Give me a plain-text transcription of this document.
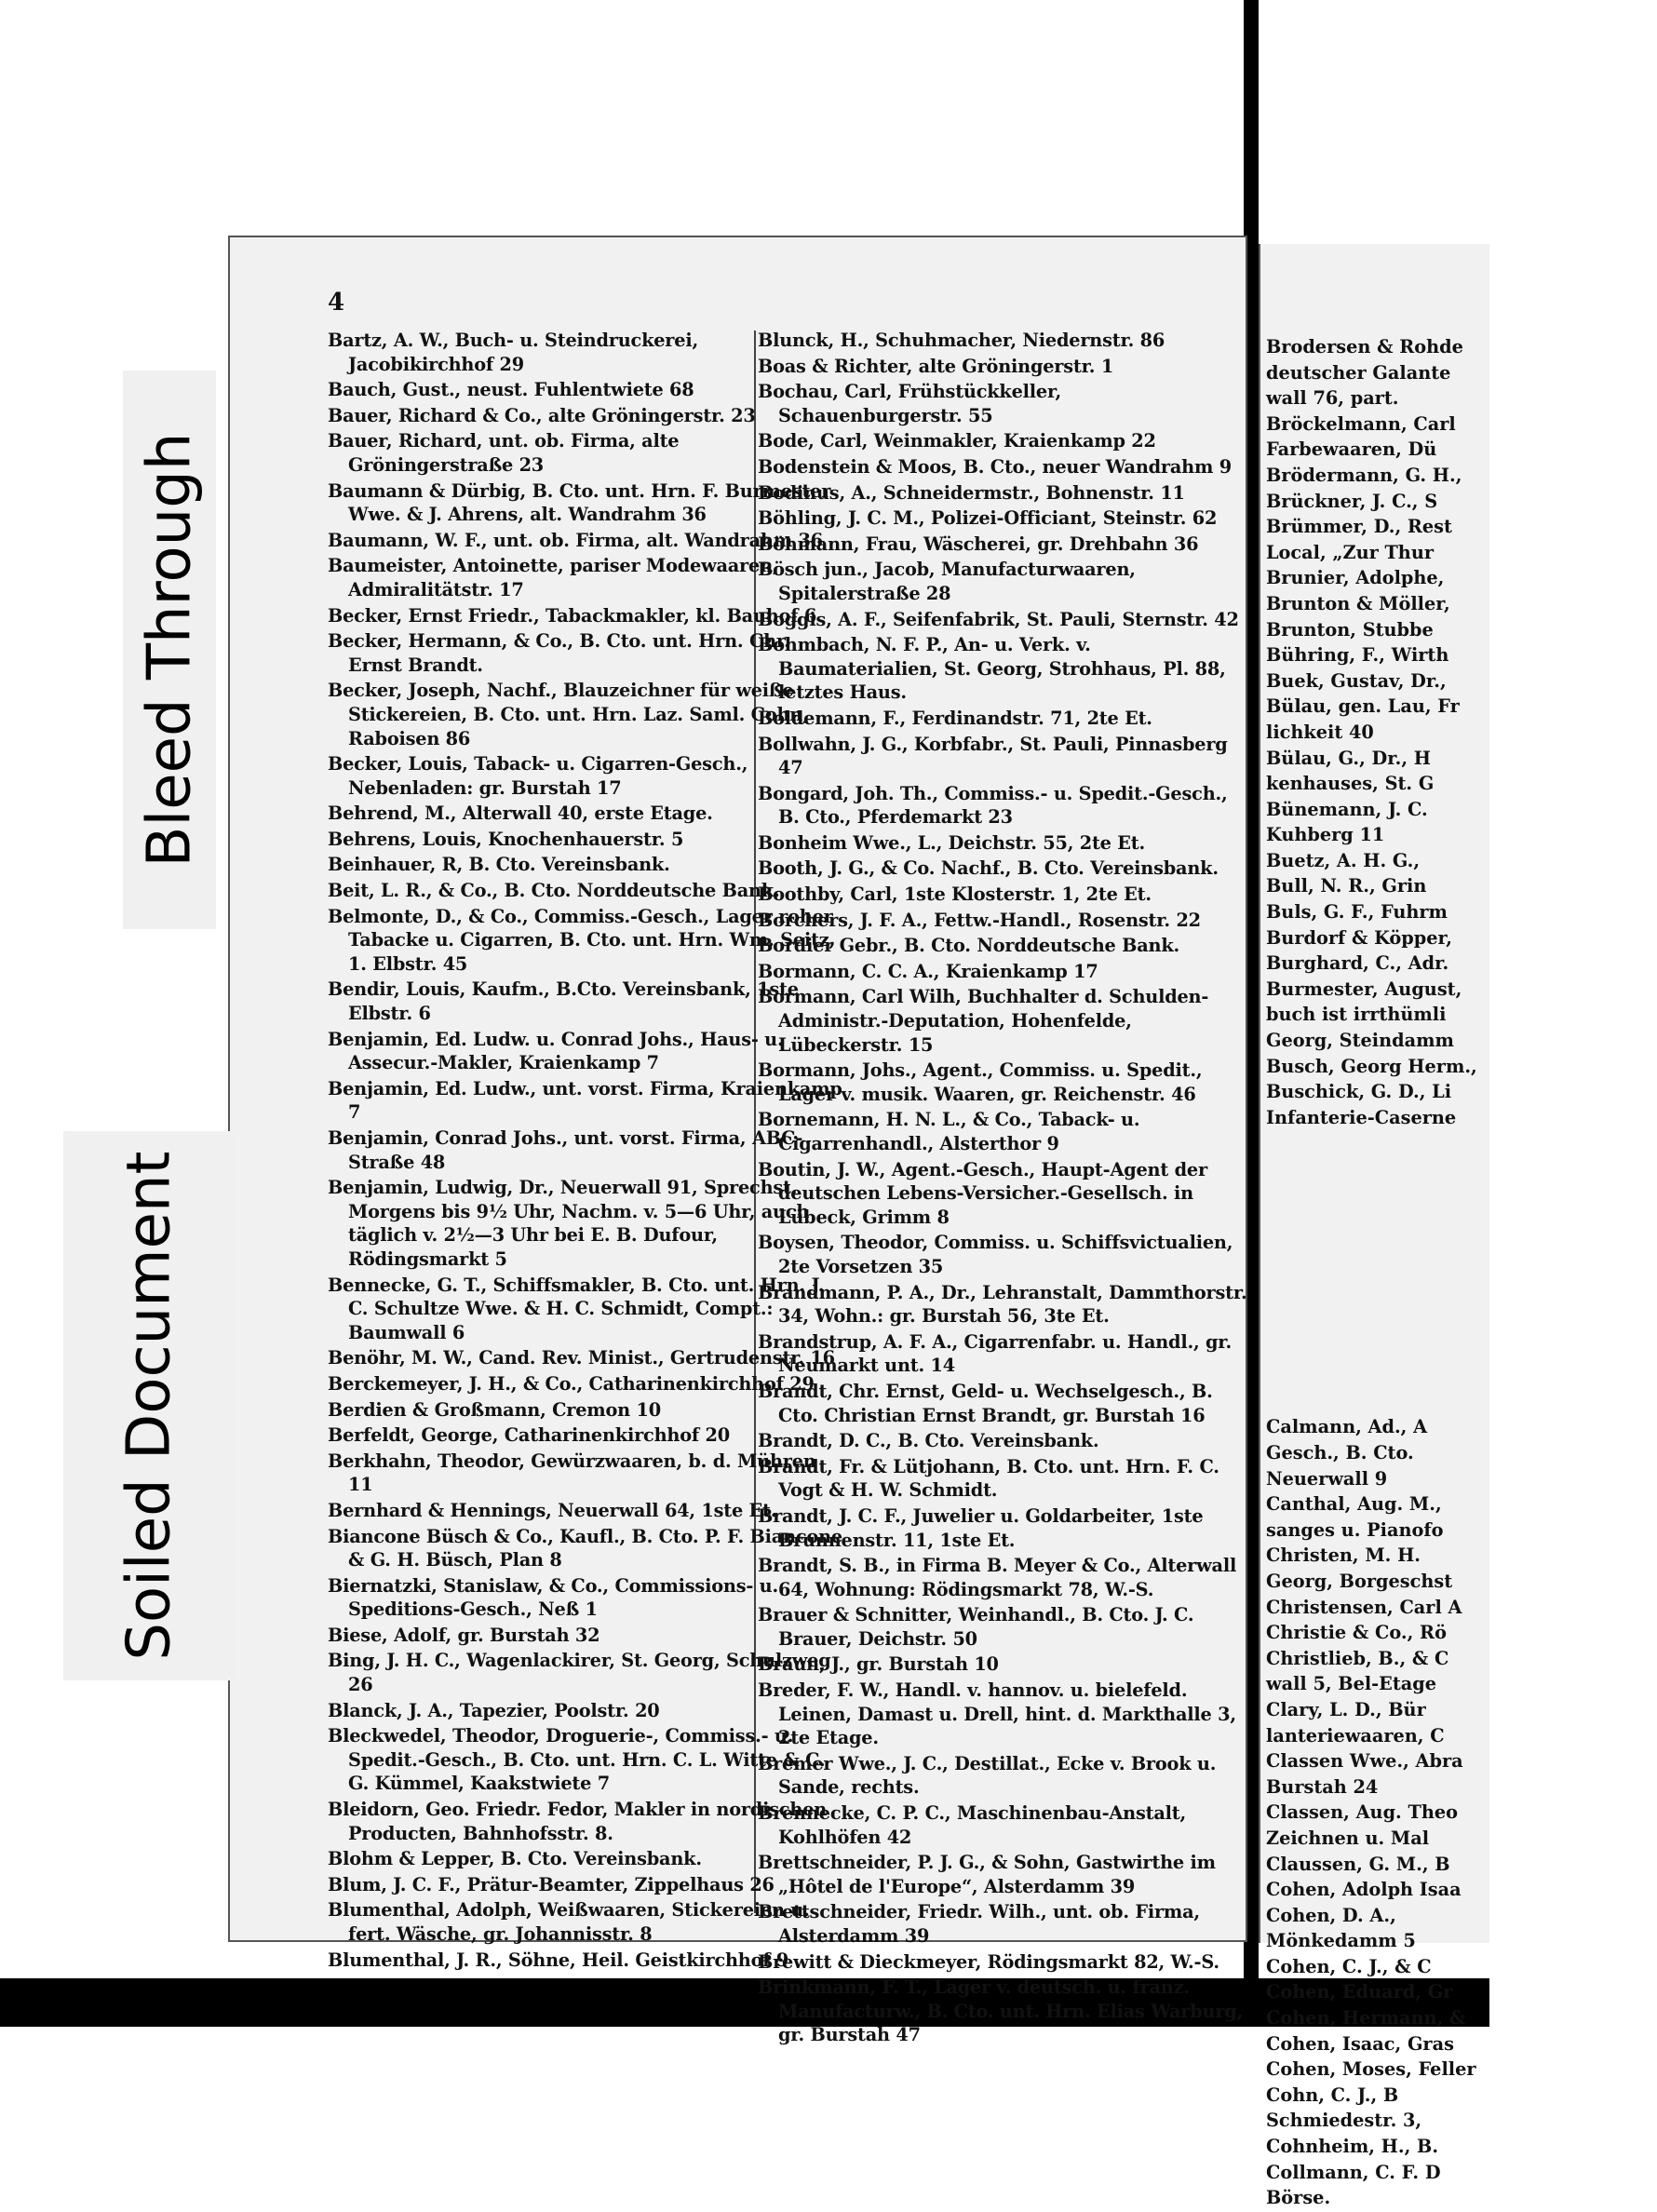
4

Bartz, A. W., Buch- u. Steindruckerei, Jacobikirchhof 29

Bauch, Gust., neust. Fuhlentwiete 68

Bauer, Richard & Co., alte Gröningerstr. 23

Bauer, Richard, unt. ob. Firma, alte Gröningerstraße 23

Baumann & Dürbig, B. Cto. unt. Hrn. F. Burmester Wwe. & J. Ahrens, alt. Wandrahm 36

Baumann, W. F., unt. ob. Firma, alt. Wandrahm 36

Baumeister, Antoinette, pariser Modewaaren, Admiralitätstr. 17

Becker, Ernst Friedr., Tabackmakler, kl. Bauhof 6

Becker, Hermann, & Co., B. Cto. unt. Hrn. Chr. Ernst Brandt.

Becker, Joseph, Nachf., Blauzeichner für weiße Stickereien, B. Cto. unt. Hrn. Laz. Saml. Cohn, Raboisen 86

Becker, Louis, Taback- u. Cigarren-Gesch., Nebenladen: gr. Burstah 17

Behrend, M., Alterwall 40, erste Etage.

Behrens, Louis, Knochenhauerstr. 5

Beinhauer, R, B. Cto. Vereinsbank.

Beit, L. R., & Co., B. Cto. Norddeutsche Bank.

Belmonte, D., & Co., Commiss.-Gesch., Lager roher Tabacke u. Cigarren, B. Cto. unt. Hrn. Wm. Seitz, 1. Elbstr. 45

Bendir, Louis, Kaufm., B.Cto. Vereinsbank, 1ste Elbstr. 6

Benjamin, Ed. Ludw. u. Conrad Johs., Haus- u. Assecur.-Makler, Kraienkamp 7

Benjamin, Ed. Ludw., unt. vorst. Firma, Kraienkamp 7

Benjamin, Conrad Johs., unt. vorst. Firma, ABC-Straße 48

Benjamin, Ludwig, Dr., Neuerwall 91, Sprechst. Morgens bis 9½ Uhr, Nachm. v. 5—6 Uhr, auch täglich v. 2½—3 Uhr bei E. B. Dufour, Rödingsmarkt 5

Bennecke, G. T., Schiffsmakler, B. Cto. unt. Hrn. J. C. Schultze Wwe. & H. C. Schmidt, Compt.: Baumwall 6

Benöhr, M. W., Cand. Rev. Minist., Gertrudenstr. 16

Berckemeyer, J. H., & Co., Catharinenkirchhof 29

Berdien & Großmann, Cremon 10

Berfeldt, George, Catharinenkirchhof 20

Berkhahn, Theodor, Gewürzwaaren, b. d. Mühren 11

Bernhard & Hennings, Neuerwall 64, 1ste Et.

Biancone Büsch & Co., Kaufl., B. Cto. P. F. Biancone & G. H. Büsch, Plan 8

Biernatzki, Stanislaw, & Co., Commissions- u. Speditions-Gesch., Neß 1

Biese, Adolf, gr. Burstah 32

Bing, J. H. C., Wagenlackirer, St. Georg, Schulzweg 26

Blanck, J. A., Tapezier, Poolstr. 20

Bleckwedel, Theodor, Droguerie-, Commiss.- u. Spedit.-Gesch., B. Cto. unt. Hrn. C. L. Witte & C. G. Kümmel, Kaakstwiete 7

Bleidorn, Geo. Friedr. Fedor, Makler in nordischen Producten, Bahnhofsstr. 8.

Blohm & Lepper, B. Cto. Vereinsbank.

Blum, J. C. F., Prätur-Beamter, Zippelhaus 26

Blumenthal, Adolph, Weißwaaren, Stickereien u. fert. Wäsche, gr. Johannisstr. 8

Blumenthal, J. R., Söhne, Heil. Geistkirchhof 9

Blunck, H., Schuhmacher, Niedernstr. 86

Boas & Richter, alte Gröningerstr. 1

Bochau, Carl, Frühstückkeller, Schauenburgerstr. 55

Bode, Carl, Weinmakler, Kraienkamp 22

Bodenstein & Moos, B. Cto., neuer Wandrahm 9

Bodinus, A., Schneidermstr., Bohnenstr. 11

Böhling, J. C. M., Polizei-Officiant, Steinstr. 62

Böhmann, Frau, Wäscherei, gr. Drehbahn 36

Bösch jun., Jacob, Manufacturwaaren, Spitalerstraße 28

Boggis, A. F., Seifenfabrik, St. Pauli, Sternstr. 42

Bohmbach, N. F. P., An- u. Verk. v. Baumaterialien, St. Georg, Strohhaus, Pl. 88, letztes Haus.

Boldemann, F., Ferdinandstr. 71, 2te Et.

Bollwahn, J. G., Korbfabr., St. Pauli, Pinnasberg 47

Bongard, Joh. Th., Commiss.- u. Spedit.-Gesch., B. Cto., Pferdemarkt 23

Bonheim Wwe., L., Deichstr. 55, 2te Et.

Booth, J. G., & Co. Nachf., B. Cto. Vereinsbank.

Boothby, Carl, 1ste Klosterstr. 1, 2te Et.

Borchers, J. F. A., Fettw.-Handl., Rosenstr. 22

Bordier Gebr., B. Cto. Norddeutsche Bank.

Bormann, C. C. A., Kraienkamp 17

Bormann, Carl Wilh, Buchhalter d. Schulden-Administr.-Deputation, Hohenfelde, Lübeckerstr. 15

Bormann, Johs., Agent., Commiss. u. Spedit., Lager v. musik. Waaren, gr. Reichenstr. 46

Bornemann, H. N. L., & Co., Taback- u. Cigarrenhandl., Alsterthor 9

Boutin, J. W., Agent.-Gesch., Haupt-Agent der deutschen Lebens-Versicher.-Gesellsch. in Lübeck, Grimm 8

Boysen, Theodor, Commiss. u. Schiffsvictualien, 2te Vorsetzen 35

Brandmann, P. A., Dr., Lehranstalt, Dammthorstr. 34, Wohn.: gr. Burstah 56, 3te Et.

Brandstrup, A. F. A., Cigarrenfabr. u. Handl., gr. Neumarkt unt. 14

Brandt, Chr. Ernst, Geld- u. Wechselgesch., B. Cto. Christian Ernst Brandt, gr. Burstah 16

Brandt, D. C., B. Cto. Vereinsbank.

Brandt, Fr. & Lütjohann, B. Cto. unt. Hrn. F. C. Vogt & H. W. Schmidt.

Brandt, J. C. F., Juwelier u. Goldarbeiter, 1ste Brunnenstr. 11, 1ste Et.

Brandt, S. B., in Firma B. Meyer & Co., Alterwall 64, Wohnung: Rödingsmarkt 78, W.-S.

Brauer & Schnitter, Weinhandl., B. Cto. J. C. Brauer, Deichstr. 50

Braun, J., gr. Burstah 10

Breder, F. W., Handl. v. hannov. u. bielefeld. Leinen, Damast u. Drell, hint. d. Markthalle 3, 2te Etage.

Bremer Wwe., J. C., Destillat., Ecke v. Brook u. Sande, rechts.

Brennecke, C. P. C., Maschinenbau-Anstalt, Kohlhöfen 42

Brettschneider, P. J. G., & Sohn, Gastwirthe im „Hôtel de l'Europe“, Alsterdamm 39

Brettschneider, Friedr. Wilh., unt. ob. Firma, Alsterdamm 39

Brewitt & Dieckmeyer, Rödingsmarkt 82, W.-S.

Brinkmann, F. T., Lager v. deutsch. u. franz. Manufacturw., B. Cto. unt. Hrn. Elias Warburg, gr. Burstah 47

Brodersen & Rohde

deutscher Galante

wall 76, part.

Bröckelmann, Carl

Farbewaaren, Dü

Brödermann, G. H.,

Brückner, J. C., S

Brümmer, D., Rest

Local, „Zur Thur

Brunier, Adolphe,

Brunton & Möller,

Brunton, Stubbe

Bühring, F., Wirth

Buek, Gustav, Dr.,

Bülau, gen. Lau, Fr

lichkeit 40

Bülau, G., Dr., H

kenhauses, St. G

Bünemann, J. C.

Kuhberg 11

Buetz, A. H. G.,

Bull, N. R., Grin

Buls, G. F., Fuhrm

Burdorf & Köpper,

Burghard, C., Adr.

Burmester, August,

buch ist irrthümli

Georg, Steindamm

Busch, Georg Herm.,

Buschick, G. D., Li

Infanterie-Caserne

Calmann, Ad., A

Gesch., B. Cto.

Neuerwall 9

Canthal, Aug. M.,

sanges u. Pianofo

Christen, M. H.

Georg, Borgeschst

Christensen, Carl A

Christie & Co., Rö

Christlieb, B., & C

wall 5, Bel-Etage

Clary, L. D., Bür

lanteriewaaren, C

Classen Wwe., Abra

Burstah 24

Classen, Aug. Theo

Zeichnen u. Mal

Claussen, G. M., B

Cohen, Adolph Isaa

Cohen, D. A.,

Mönkedamm 5

Cohen, C. J., & C

Cohen, Eduard, Gr

Cohen, Hermann, &

Cohen, Isaac, Gras

Cohen, Moses, Feller

Cohn, C. J., B

Schmiedestr. 3,

Cohnheim, H., B.

Collmann, C. F. D

Börse.

Bleed Through
Soiled Document
